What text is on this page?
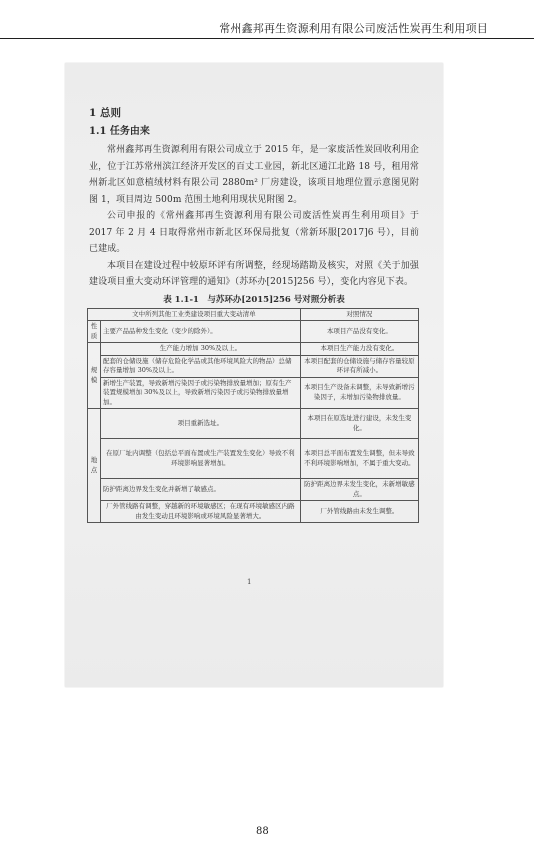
常州鑫邦再生资源利用有限公司废活性炭再生利用项目
1 总则
1.1 任务由来

常州鑫邦再生资源利用有限公司成立于 2015 年，是一家废活性炭回收利用企业，位于江苏常州滨江经济开发区的百丈工业园，新北区通江北路 18 号，租用常州新北区如意植绒材料有限公司 2880m² 厂房建设，该项目地理位置示意图见附图 1，项目周边 500m 范围土地利用现状见附图 2。

公司申报的《常州鑫邦再生资源利用有限公司废活性炭再生利用项目》于 2017 年 2 月 4 日取得常州市新北区环保局批复（常新环服[2017]6 号），目前已建成。

本项目在建设过程中较原环评有所调整，经现场踏勘及核实，对照《关于加强建设项目重大变动环评管理的通知》（苏环办[2015]256 号），变化内容见下表。

表 1.1-1　与苏环办[2015]256 号对照分析表
文中所列其他工业类建设项目重大变动清单		对照情况
性质	主要产品品种发生变化（变少的除外）。	本项目产品没有变化。
规模	生产能力增加 30%及以上。	本项目生产能力没有变化。
	配套的仓储设施（储存危险化学品或其他环境风险大的物品）总储存容量增加 30%及以上。	本项目配套的仓储设施与储存容量较原环评有所减小。
	新增生产装置，导致新增污染因子或污染物排放量增加；原有生产装置规模增加 30%及以上，导致新增污染因子或污染物排放量增加。	本项目生产设备未调整，未导致新增污染因子，未增加污染物排放量。
地点	项目重新选址。	本项目在原选址进行建设，未发生变化。
	在原厂址内调整（包括总平面布置或生产装置发生变化）导致不利环境影响显著增加。	本项目总平面布置发生调整，但未导致不利环境影响增加，不属于重大变动。
	防护距离边界发生变化并新增了敏感点。	防护距离边界未发生变化，未新增敏感点。
	厂外管线路有调整，穿越新的环境敏感区；在现有环境敏感区内路由发生变动且环境影响或环境风险显著增大。	厂外管线路由未发生调整。
1
88
